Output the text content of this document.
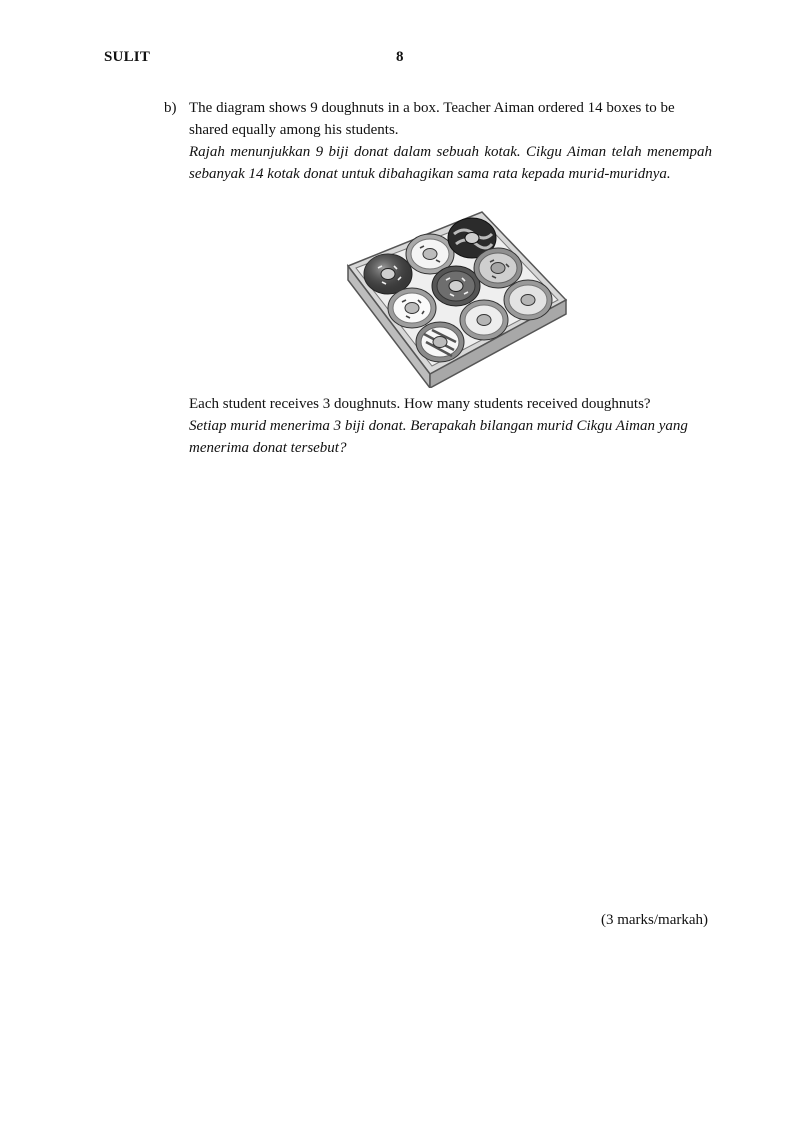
SULIT	8
b) The diagram shows 9 doughnuts in a box. Teacher Aiman ordered 14 boxes to be shared equally among his students.

Rajah menunjukkan 9 biji donat dalam sebuah kotak. Cikgu Aiman telah menempah sebanyak 14 kotak donat untuk dibahagikan sama rata kepada murid-muridnya.

Each student receives 3 doughnuts. How many students received doughnuts?

Setiap murid menerima 3 biji donat. Berapakah bilangan murid Cikgu Aiman yang menerima donat tersebut?

(3 marks/markah)
